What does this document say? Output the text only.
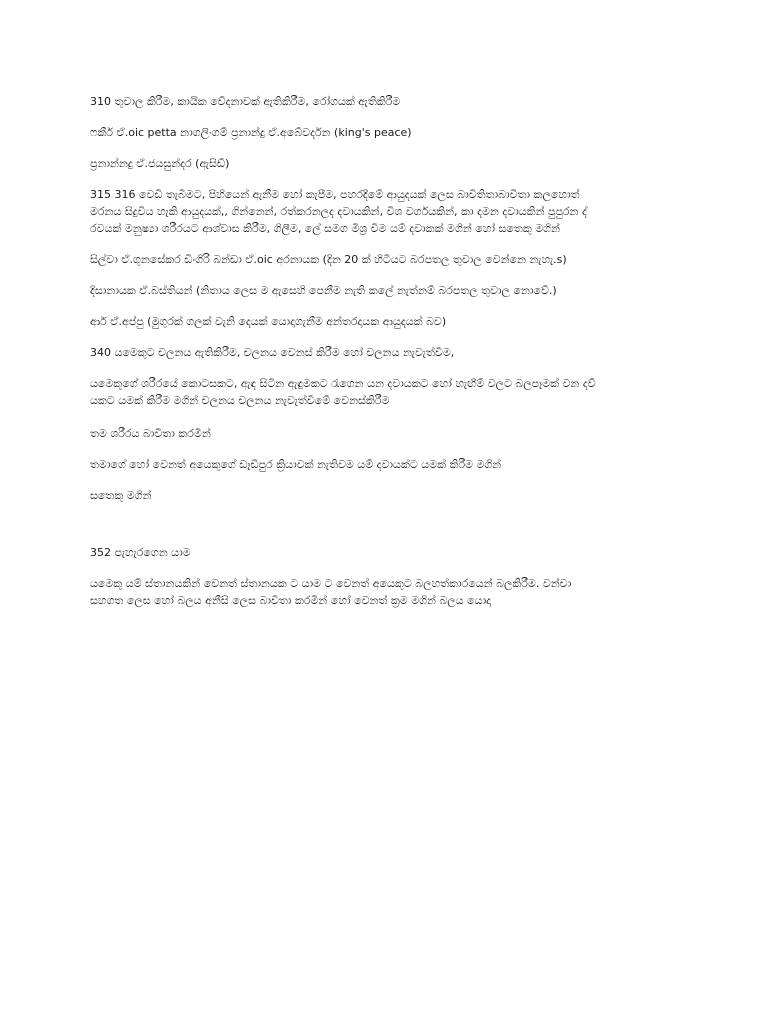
310 තුවාල කිරීම, කායික වේදනාවක් ඇතිකිරීම, රෝගයක් ඇතිකිරීම

ෆකීර් ඒ.oic petta නාගලිංගම් ප්‍රනාන්දු ඒ.අබේවර්දන (king's peace)

ප්‍රනාන්නදු ඒ.ජයසුන්දර (ඇසිඩ්)

315 316 වෙඩි තැබීමට, පිහියෙන් ඇනීම හෝ කැපීම, පහරදීමේ ආයුදයක් ලෙස බාවිතිතාබාවිතා කලහොත්
මරනය සිදුවිය හැකි ආයුදයක්,, ගින්නෙන්, රත්කරනලද දවායකින්, විශ වර්ගයකින්, කා දමන දවායකින් පුපුරන ද්
රවයක් මනුෂ්‍යා ශරීරයට ආශ්වාස කිරීම, ගිලීම, ලේ සමග මිශ්‍ර වීම යම් දවාකක් මගින් හෝ සතෙකු මගින්

සිල්වා ඒ.ගුනසේකර ඩිංගිරි බන්ඩා ඒ.oic අරනායක (දින 20 ක් හිටියට බරපතල තුවාල වෙන්නෙ නැහැ.s)

දිසානායක ඒ.බස්තියන් (නිතාය ලෙස ම ඇසෙහි පෙනීම නැති කලේ නැත්නම් බරපතල තුවාල නොවේ.)

ආර් ඒ.අප්පු (මුගුරක් ගලක් වැනි දෙයක් යොදාගැනීම අන්තරදායක ආයුදයක් බව)

340 යමෙකුට චලනය ඇතිකිරීම, චලනය වෙනස් කිරීම හෝ චලනය නැවැත්වීම,

යමෙකුගේ ශරීරයේ කොටසකට, ඇඳ සිටින ඇඳුමකට රැගෙන යන දවායකට හෝ හැඟීම් වලට බලපෑමක් වන දව්
යකට යමක් කිරීම මගින් චලනය චලනය නැවැත්වීමේ වෙනස්කිරීම

තම ශරීරය බාවිතා කරමින්

තමාගේ හෝ වෙනත් අයෙකුගේ ඩෑඩිපුර ක්‍රියාවක් නැතිවම යම් දවායක්ට යමක් කිරීම මගින්

සතෙකු මගින්

352 පැහැරගෙන යාම

යමෙකු යම් ස්තානයකින් වෙනත් ස්තානයක ට යාම ට වෙනත් අයෙකුට බලහත්කාරයෙන් බලකිරීම. වන්චා
සහගත ලෙස හෝ බලය අනීසි ලෙස බාවිතා කරමින් හෝ වෙනත් ක්‍රම මගින් බලය යොදා
